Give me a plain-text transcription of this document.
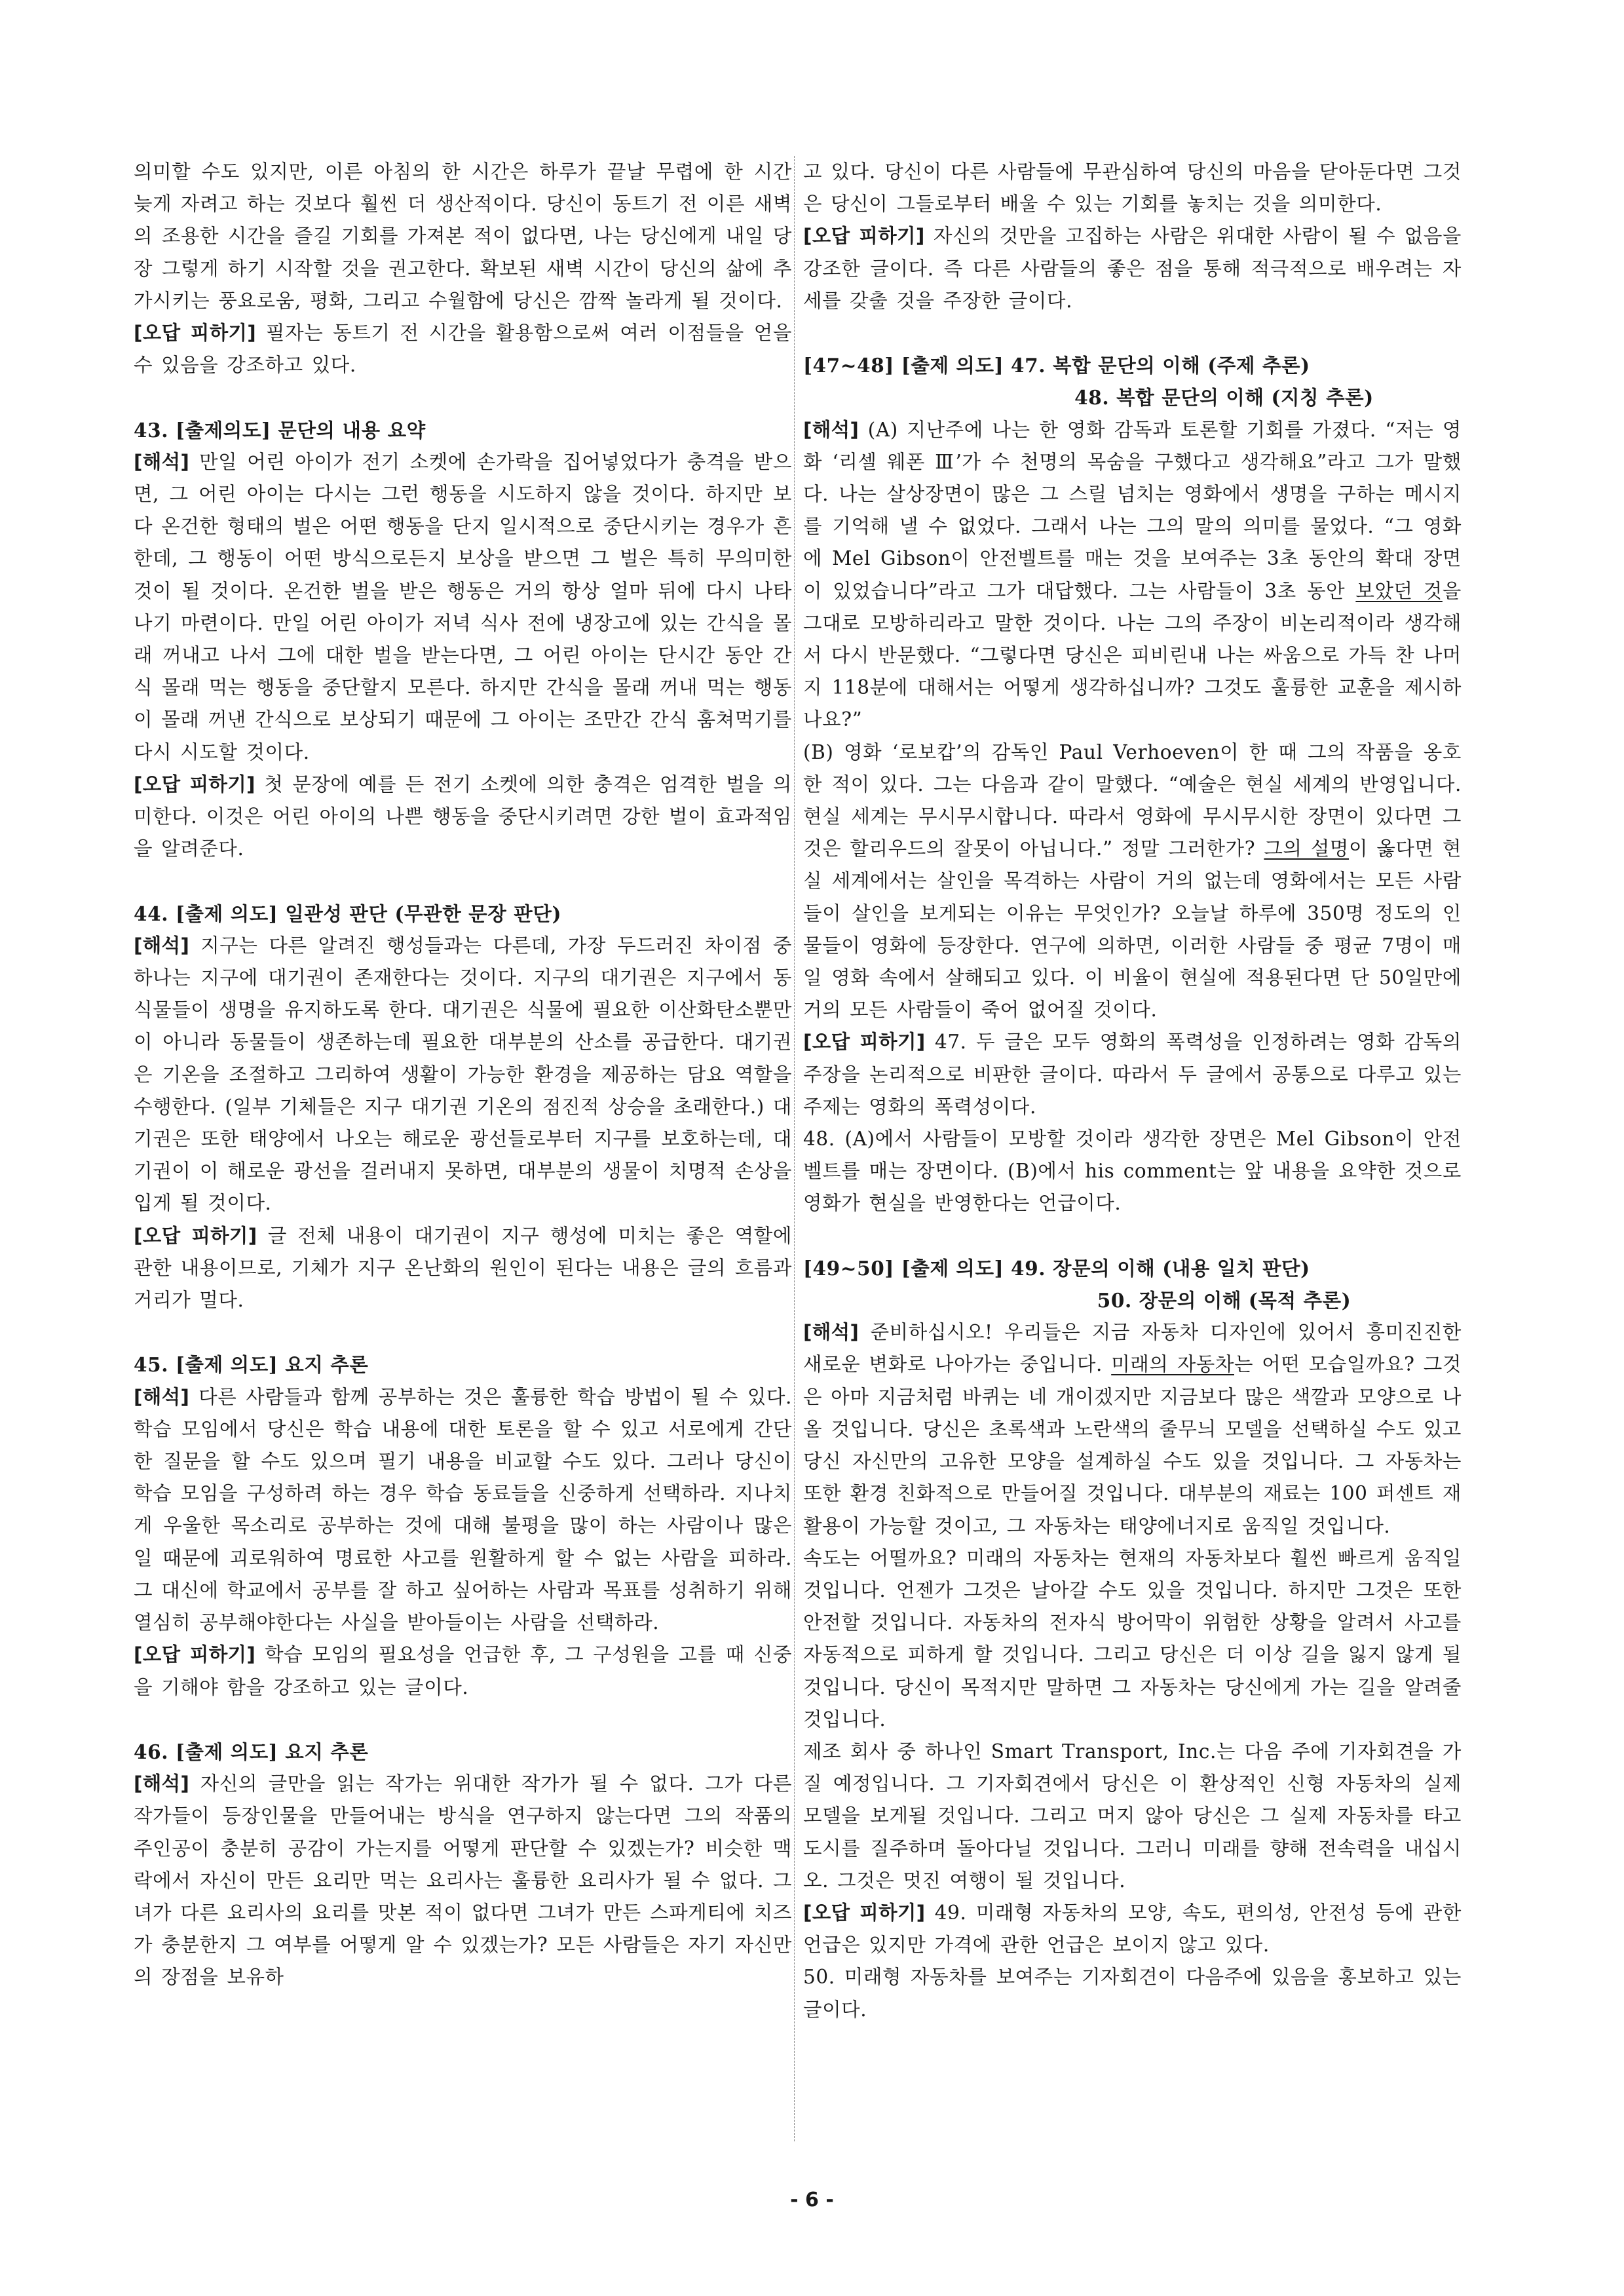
의미할 수도 있지만, 이른 아침의 한 시간은 하루가 끝날 무렵에 한 시간 늦게 자려고 하는 것보다 훨씬 더 생산적이다. 당신이 동트기 전 이른 새벽의 조용한 시간을 즐길 기회를 가져본 적이 없다면, 나는 당신에게 내일 당장 그렇게 하기 시작할 것을 권고한다. 확보된 새벽 시간이 당신의 삶에 추가시키는 풍요로움, 평화, 그리고 수월함에 당신은 깜짝 놀라게 될 것이다.

[오답 피하기] 필자는 동트기 전 시간을 활용함으로써 여러 이점들을 얻을 수 있음을 강조하고 있다.

43. [출제의도] 문단의 내용 요약

[해석] 만일 어린 아이가 전기 소켓에 손가락을 집어넣었다가 충격을 받으면, 그 어린 아이는 다시는 그런 행동을 시도하지 않을 것이다. 하지만 보다 온건한 형태의 벌은 어떤 행동을 단지 일시적으로 중단시키는 경우가 흔한데, 그 행동이 어떤 방식으로든지 보상을 받으면 그 벌은 특히 무의미한 것이 될 것이다. 온건한 벌을 받은 행동은 거의 항상 얼마 뒤에 다시 나타나기 마련이다. 만일 어린 아이가 저녁 식사 전에 냉장고에 있는 간식을 몰래 꺼내고 나서 그에 대한 벌을 받는다면, 그 어린 아이는 단시간 동안 간식 몰래 먹는 행동을 중단할지 모른다. 하지만 간식을 몰래 꺼내 먹는 행동이 몰래 꺼낸 간식으로 보상되기 때문에 그 아이는 조만간 간식 훔쳐먹기를 다시 시도할 것이다.

[오답 피하기] 첫 문장에 예를 든 전기 소켓에 의한 충격은 엄격한 벌을 의미한다. 이것은 어린 아이의 나쁜 행동을 중단시키려면 강한 벌이 효과적임을 알려준다.

44. [출제 의도] 일관성 판단 (무관한 문장 판단)

[해석] 지구는 다른 알려진 행성들과는 다른데, 가장 두드러진 차이점 중 하나는 지구에 대기권이 존재한다는 것이다. 지구의 대기권은 지구에서 동식물들이 생명을 유지하도록 한다. 대기권은 식물에 필요한 이산화탄소뿐만이 아니라 동물들이 생존하는데 필요한 대부분의 산소를 공급한다. 대기권은 기온을 조절하고 그리하여 생활이 가능한 환경을 제공하는 담요 역할을 수행한다. (일부 기체들은 지구 대기권 기온의 점진적 상승을 초래한다.) 대기권은 또한 태양에서 나오는 해로운 광선들로부터 지구를 보호하는데, 대기권이 이 해로운 광선을 걸러내지 못하면, 대부분의 생물이 치명적 손상을 입게 될 것이다.

[오답 피하기] 글 전체 내용이 대기권이 지구 행성에 미치는 좋은 역할에 관한 내용이므로, 기체가 지구 온난화의 원인이 된다는 내용은 글의 흐름과 거리가 멀다.

45. [출제 의도] 요지 추론

[해석] 다른 사람들과 함께 공부하는 것은 훌륭한 학습 방법이 될 수 있다. 학습 모임에서 당신은 학습 내용에 대한 토론을 할 수 있고 서로에게 간단한 질문을 할 수도 있으며 필기 내용을 비교할 수도 있다. 그러나 당신이 학습 모임을 구성하려 하는 경우 학습 동료들을 신중하게 선택하라. 지나치게 우울한 목소리로 공부하는 것에 대해 불평을 많이 하는 사람이나 많은 일 때문에 괴로워하여 명료한 사고를 원활하게 할 수 없는 사람을 피하라. 그 대신에 학교에서 공부를 잘 하고 싶어하는 사람과 목표를 성취하기 위해 열심히 공부해야한다는 사실을 받아들이는 사람을 선택하라.

[오답 피하기] 학습 모임의 필요성을 언급한 후, 그 구성원을 고를 때 신중을 기해야 함을 강조하고 있는 글이다.

46. [출제 의도] 요지 추론

[해석] 자신의 글만을 읽는 작가는 위대한 작가가 될 수 없다. 그가 다른 작가들이 등장인물을 만들어내는 방식을 연구하지 않는다면 그의 작품의 주인공이 충분히 공감이 가는지를 어떻게 판단할 수 있겠는가? 비슷한 맥락에서 자신이 만든 요리만 먹는 요리사는 훌륭한 요리사가 될 수 없다. 그녀가 다른 요리사의 요리를 맛본 적이 없다면 그녀가 만든 스파게티에 치즈가 충분한지 그 여부를 어떻게 알 수 있겠는가? 모든 사람들은 자기 자신만의 장점을 보유하

고 있다. 당신이 다른 사람들에 무관심하여 당신의 마음을 닫아둔다면 그것은 당신이 그들로부터 배울 수 있는 기회를 놓치는 것을 의미한다.

[오답 피하기] 자신의 것만을 고집하는 사람은 위대한 사람이 될 수 없음을 강조한 글이다. 즉 다른 사람들의 좋은 점을 통해 적극적으로 배우려는 자세를 갖출 것을 주장한 글이다.

[47~48] [출제 의도] 47. 복합 문단의 이해 (주제 추론)

48. 복합 문단의 이해 (지칭 추론)

[해석] (A) 지난주에 나는 한 영화 감독과 토론할 기회를 가졌다. “저는 영화 ‘리셀 웨폰 Ⅲ’가 수 천명의 목숨을 구했다고 생각해요”라고 그가 말했다. 나는 살상장면이 많은 그 스릴 넘치는 영화에서 생명을 구하는 메시지를 기억해 낼 수 없었다. 그래서 나는 그의 말의 의미를 물었다. “그 영화에 Mel Gibson이 안전벨트를 매는 것을 보여주는 3초 동안의 확대 장면이 있었습니다”라고 그가 대답했다. 그는 사람들이 3초 동안 보았던 것을 그대로 모방하리라고 말한 것이다. 나는 그의 주장이 비논리적이라 생각해서 다시 반문했다. “그렇다면 당신은 피비린내 나는 싸움으로 가득 찬 나머지 118분에 대해서는 어떻게 생각하십니까? 그것도 훌륭한 교훈을 제시하나요?”

(B) 영화 ‘로보캅’의 감독인 Paul Verhoeven이 한 때 그의 작품을 옹호한 적이 있다. 그는 다음과 같이 말했다. “예술은 현실 세계의 반영입니다. 현실 세계는 무시무시합니다. 따라서 영화에 무시무시한 장면이 있다면 그것은 할리우드의 잘못이 아닙니다.” 정말 그러한가? 그의 설명이 옳다면 현실 세계에서는 살인을 목격하는 사람이 거의 없는데 영화에서는 모든 사람들이 살인을 보게되는 이유는 무엇인가? 오늘날 하루에 350명 정도의 인물들이 영화에 등장한다. 연구에 의하면, 이러한 사람들 중 평균 7명이 매일 영화 속에서 살해되고 있다. 이 비율이 현실에 적용된다면 단 50일만에 거의 모든 사람들이 죽어 없어질 것이다.

[오답 피하기] 47. 두 글은 모두 영화의 폭력성을 인정하려는 영화 감독의 주장을 논리적으로 비판한 글이다. 따라서 두 글에서 공통으로 다루고 있는 주제는 영화의 폭력성이다.

48. (A)에서 사람들이 모방할 것이라 생각한 장면은 Mel Gibson이 안전벨트를 매는 장면이다. (B)에서 his comment는 앞 내용을 요약한 것으로 영화가 현실을 반영한다는 언급이다.

[49~50] [출제 의도] 49. 장문의 이해 (내용 일치 판단)

50. 장문의 이해 (목적 추론)

[해석] 준비하십시오! 우리들은 지금 자동차 디자인에 있어서 흥미진진한 새로운 변화로 나아가는 중입니다. 미래의 자동차는 어떤 모습일까요? 그것은 아마 지금처럼 바퀴는 네 개이겠지만 지금보다 많은 색깔과 모양으로 나올 것입니다. 당신은 초록색과 노란색의 줄무늬 모델을 선택하실 수도 있고 당신 자신만의 고유한 모양을 설계하실 수도 있을 것입니다. 그 자동차는 또한 환경 친화적으로 만들어질 것입니다. 대부분의 재료는 100 퍼센트 재활용이 가능할 것이고, 그 자동차는 태양에너지로 움직일 것입니다.

속도는 어떨까요? 미래의 자동차는 현재의 자동차보다 훨씬 빠르게 움직일 것입니다. 언젠가 그것은 날아갈 수도 있을 것입니다. 하지만 그것은 또한 안전할 것입니다. 자동차의 전자식 방어막이 위험한 상황을 알려서 사고를 자동적으로 피하게 할 것입니다. 그리고 당신은 더 이상 길을 잃지 않게 될 것입니다. 당신이 목적지만 말하면 그 자동차는 당신에게 가는 길을 알려줄 것입니다.

제조 회사 중 하나인 Smart Transport, Inc.는 다음 주에 기자회견을 가질 예정입니다. 그 기자회견에서 당신은 이 환상적인 신형 자동차의 실제 모델을 보게될 것입니다. 그리고 머지 않아 당신은 그 실제 자동차를 타고 도시를 질주하며 돌아다닐 것입니다. 그러니 미래를 향해 전속력을 내십시오. 그것은 멋진 여행이 될 것입니다.

[오답 피하기] 49. 미래형 자동차의 모양, 속도, 편의성, 안전성 등에 관한 언급은 있지만 가격에 관한 언급은 보이지 않고 있다.

50. 미래형 자동차를 보여주는 기자회견이 다음주에 있음을 홍보하고 있는 글이다.

- 6 -
